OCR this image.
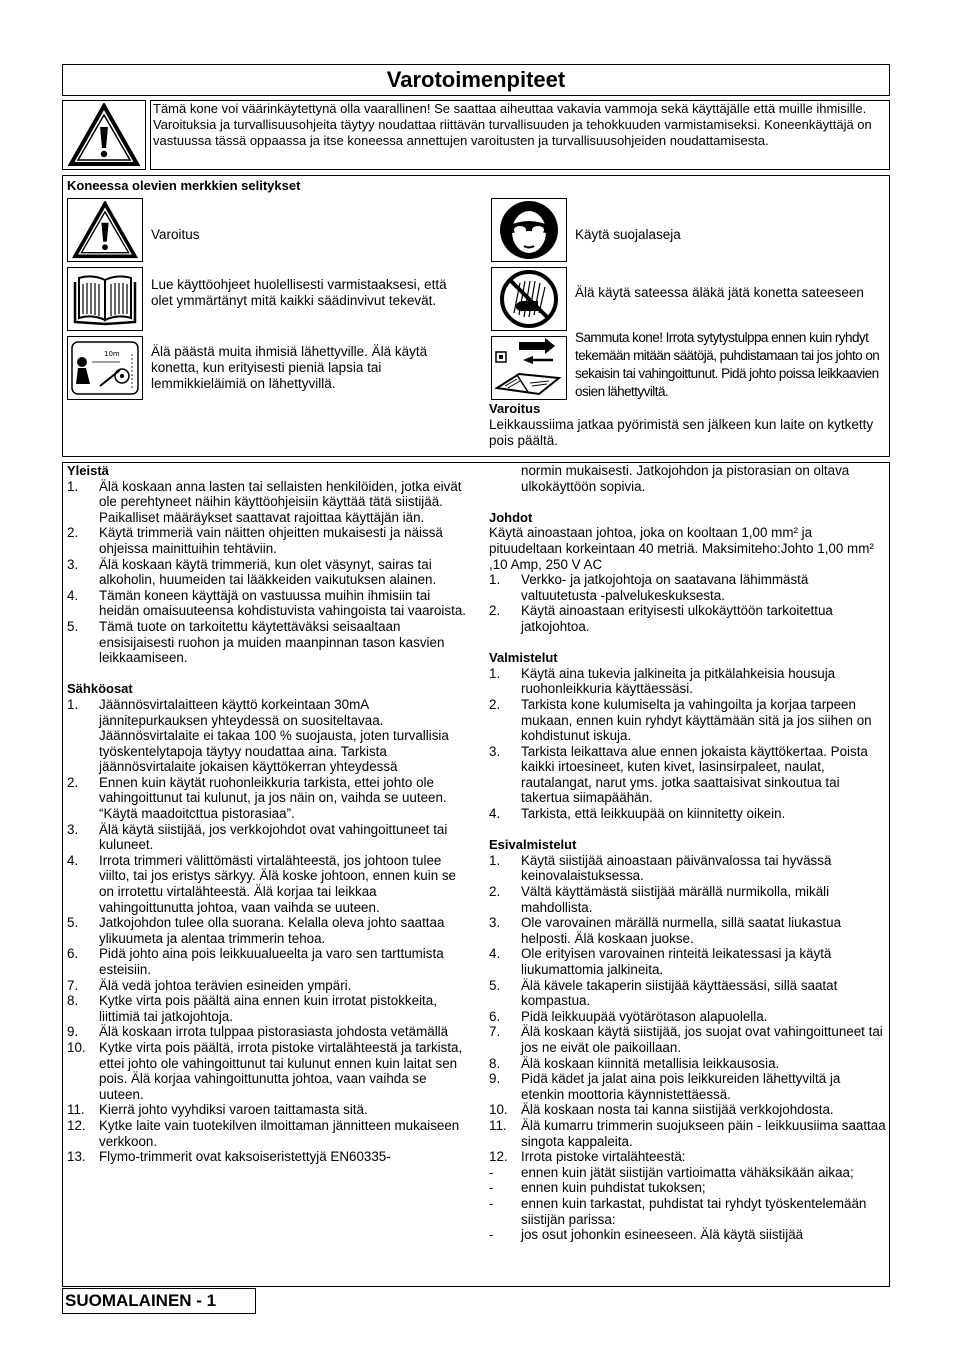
Varotoimenpiteet
Tämä kone voi väärinkäytettynä olla vaarallinen! Se saattaa aiheuttaa vakavia vammoja sekä käyttäjälle että muille ihmisille. Varoituksia ja turvallisuusohjeita täytyy noudattaa riittävän turvallisuuden ja tehokkuuden varmistamiseksi. Koneenkäyttäjä on vastuussa tässä oppaassa ja itse koneessa annettujen varoitusten ja turvallisuusohjeiden noudattamisesta.
Koneessa olevien merkkien selitykset
Varoitus
Lue käyttöohjeet huolellisesti varmistaaksesi, että olet ymmärtänyt mitä kaikki säädinvivut tekevät.
10m Älä päästä muita ihmisiä lähettyville. Älä käytä konetta, kun erityisesti pieniä lapsia tai lemmikkieläimiä on lähettyvillä.
Käytä suojalaseja
Älä käytä sateessa äläkä jätä konetta sateeseen
Sammuta kone! Irrota sytytystulppa ennen kuin ryhdyt tekemään mitään säätöjä, puhdistamaan tai jos johto on sekaisin tai vahingoittunut. Pidä johto poissa leikkaavien osien lähettyviltä.
Varoitus
Leikkaussiima jatkaa pyörimistä sen jälkeen kun laite on kytketty pois päältä.
Yleistä
1.	Älä koskaan anna lasten tai sellaisten henkilöiden, jotka eivät ole perehtyneet näihin käyttöohjeisiin käyttää tätä siistijää. Paikalliset määräykset saattavat rajoittaa käyttäjän iän.
2.	Käytä trimmeriä vain näitten ohjeitten mukaisesti ja näissä ohjeissa mainittuihin tehtäviin.
3.	Älä koskaan käytä trimmeriä, kun olet väsynyt, sairas tai alkoholin, huumeiden tai lääkkeiden vaikutuksen alainen.
4.	Tämän koneen käyttäjä on vastuussa muihin ihmisiin tai heidän omaisuuteensa kohdistuvista vahingoista tai vaaroista.
5.	Tämä tuote on tarkoitettu käytettäväksi seisaaltaan ensisijaisesti ruohon ja muiden maanpinnan tason kasvien leikkaamiseen.
Sähköosat
1.	Jäännösvirtalaitteen käyttö korkeintaan 30mA jännitepurkauksen yhteydessä on suositeltavaa. Jäännösvirtalaite ei takaa 100 % suojausta, joten turvallisia työskentelytapoja täytyy noudattaa aina. Tarkista jäännösvirtalaite jokaisen käyttökerran yhteydessä
2.	Ennen kuin käytät ruohonleikkuria tarkista, ettei johto ole vahingoittunut tai kulunut, ja jos näin on, vaihda se uuteen. “Käytä maadoitcttua pistorasiaa”.
3.	Älä käytä siistijää, jos verkkojohdot ovat vahingoittuneet tai kuluneet.
4.	Irrota trimmeri välittömästi virtalähteestä, jos johtoon tulee viilto, tai jos eristys särkyy. Älä koske johtoon, ennen kuin se on irrotettu virtalähteestä. Älä korjaa tai leikkaa vahingoittunutta johtoa, vaan vaihda se uuteen.
5.	Jatkojohdon tulee olla suorana. Kelalla oleva johto saattaa ylikuumeta ja alentaa trimmerin tehoa.
6.	Pidä johto aina pois leikkuualueelta ja varo sen tarttumista esteisiin.
7.	Älä vedä johtoa terävien esineiden ympäri.
8.	Kytke virta pois päältä aina ennen kuin irrotat pistokkeita, liittimiä tai jatkojohtoja.
9.	Älä koskaan irrota tulppaa pistorasiasta johdosta vetämällä
10. Kytke virta pois päältä, irrota pistoke virtalähteestä ja tarkista, ettei johto ole vahingoittunut tai kulunut ennen kuin laitat sen pois. Älä korjaa vahingoittunutta johtoa, vaan vaihda se uuteen.
11.	Kierrä johto vyyhdiksi varoen taittamasta sitä.
12. Kytke laite vain tuotekilven ilmoittaman jännitteen mukaiseen verkkoon.
13. Flymo-trimmerit ovat kaksoiseristettyjä EN60335-
normin mukaisesti. Jatkojohdon ja pistorasian on oltava ulkokäyttöön sopivia.
Johdot
Käytä ainoastaan johtoa, joka on kooltaan 1,00 mm² ja pituudeltaan korkeintaan 40 metriä. Maksimiteho:Johto 1,00 mm² ,10 Amp, 250 V AC
1.	Verkko- ja jatkojohtoja on saatavana lähimmästä valtuutetusta -palvelukeskuksesta.
2.	Käytä ainoastaan erityisesti ulkokäyttöön tarkoitettua jatkojohtoa.
Valmistelut
1.	Käytä aina tukevia jalkineita ja pitkälahkeisia housuja ruohonleikkuria käyttäessäsi.
2.	Tarkista kone kulumiselta ja vahingoilta ja korjaa tarpeen mukaan, ennen kuin ryhdyt käyttämään sitä ja jos siihen on kohdistunut iskuja.
3.	Tarkista leikattava alue ennen jokaista käyttökertaa. Poista kaikki irtoesineet, kuten kivet, lasinsirpaleet, naulat, rautalangat, narut yms. jotka saattaisivat sinkoutua tai takertua siimapäähän.
4.	Tarkista, että leikkuupää on kiinnitetty oikein.
Esivalmistelut
1.	Käytä siistijää ainoastaan päivänvalossa tai hyvässä keinovalaistuksessa.
2.	Vältä käyttämästä siistijää märällä nurmikolla, mikäli mahdollista.
3.	Ole varovainen märällä nurmella, sillä saatat liukastua helposti. Älä koskaan juokse.
4.	Ole erityisen varovainen rinteitä leikatessasi ja käytä liukumattomia jalkineita.
5.	Älä kävele takaperin siistijää käyttäessäsi, sillä saatat kompastua.
6.	Pidä leikkuupää vyötärötason alapuolella.
7.	Älä koskaan käytä siistijää, jos suojat ovat vahingoittuneet tai jos ne eivät ole paikoillaan.
8.	Älä koskaan kiinnitä metallisia leikkausosia.
9.	Pidä kädet ja jalat aina pois leikkureiden lähettyviltä ja etenkin moottoria käynnistettäessä.
10. Älä koskaan nosta tai kanna siistijää verkkojohdosta.
11.	Älä kumarru trimmerin suojukseen päin - leikkuusiima saattaa singota kappaleita.
12. Irrota pistoke virtalähteestä:
-	ennen kuin jätät siistijän vartioimatta vähäksikään aikaa;
-	ennen kuin puhdistat tukoksen;
-	ennen kuin tarkastat, puhdistat tai ryhdyt työskentelemään siistijän parissa:
-	jos osut johonkin esineeseen. Älä käytä siistijää
SUOMALAINEN - 1
